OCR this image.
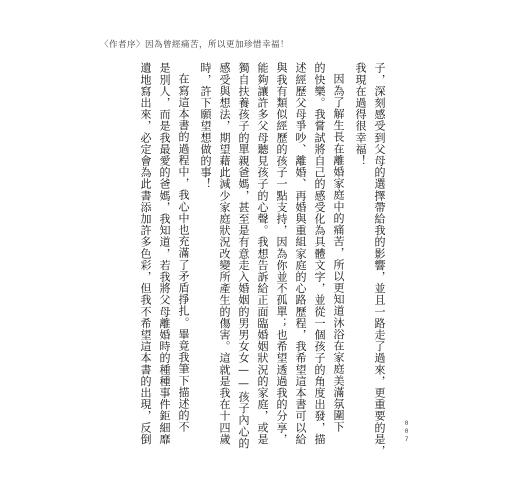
〈作者序〉因為曾經痛苦，所以更加珍惜幸福！
子，深刻感受到父母的選擇帶給我的影響，並且一路走了過來，更重要的是，
我現在過得很幸福！
因為了解生長在離婚家庭中的痛苦，所以更知道沐浴在家庭美滿氛圍下
的快樂。我嘗試將自己的感受化為具體文字，並從一個孩子的角度出發，描
述經歷父母爭吵、離婚、再婚與重組家庭的心路歷程，我希望這本書可以給
與我有類似經歷的孩子一點支持，因為你並不孤單；也希望透過我的分享，
能夠讓許多父母聽見孩子的心聲。我想告訴給正面臨婚姻狀況的家庭，或是
獨自扶養孩子的單親爸媽，甚至是有意走入婚姻的男男女女——孩子內心的
感受與想法，期望藉此減少家庭狀況改變所產生的傷害。這就是我在十四歲
時，許下願望想做的事！
在寫這本書的過程中，我心中也充滿了矛盾掙扎。畢竟我筆下描述的不
是別人，而是我最愛的爸媽，我知道，若我將父母離婚時的種種事件鉅細靡
遺地寫出來，必定會為此書添加許多色彩，但我不希望這本書的出現，反倒	007
